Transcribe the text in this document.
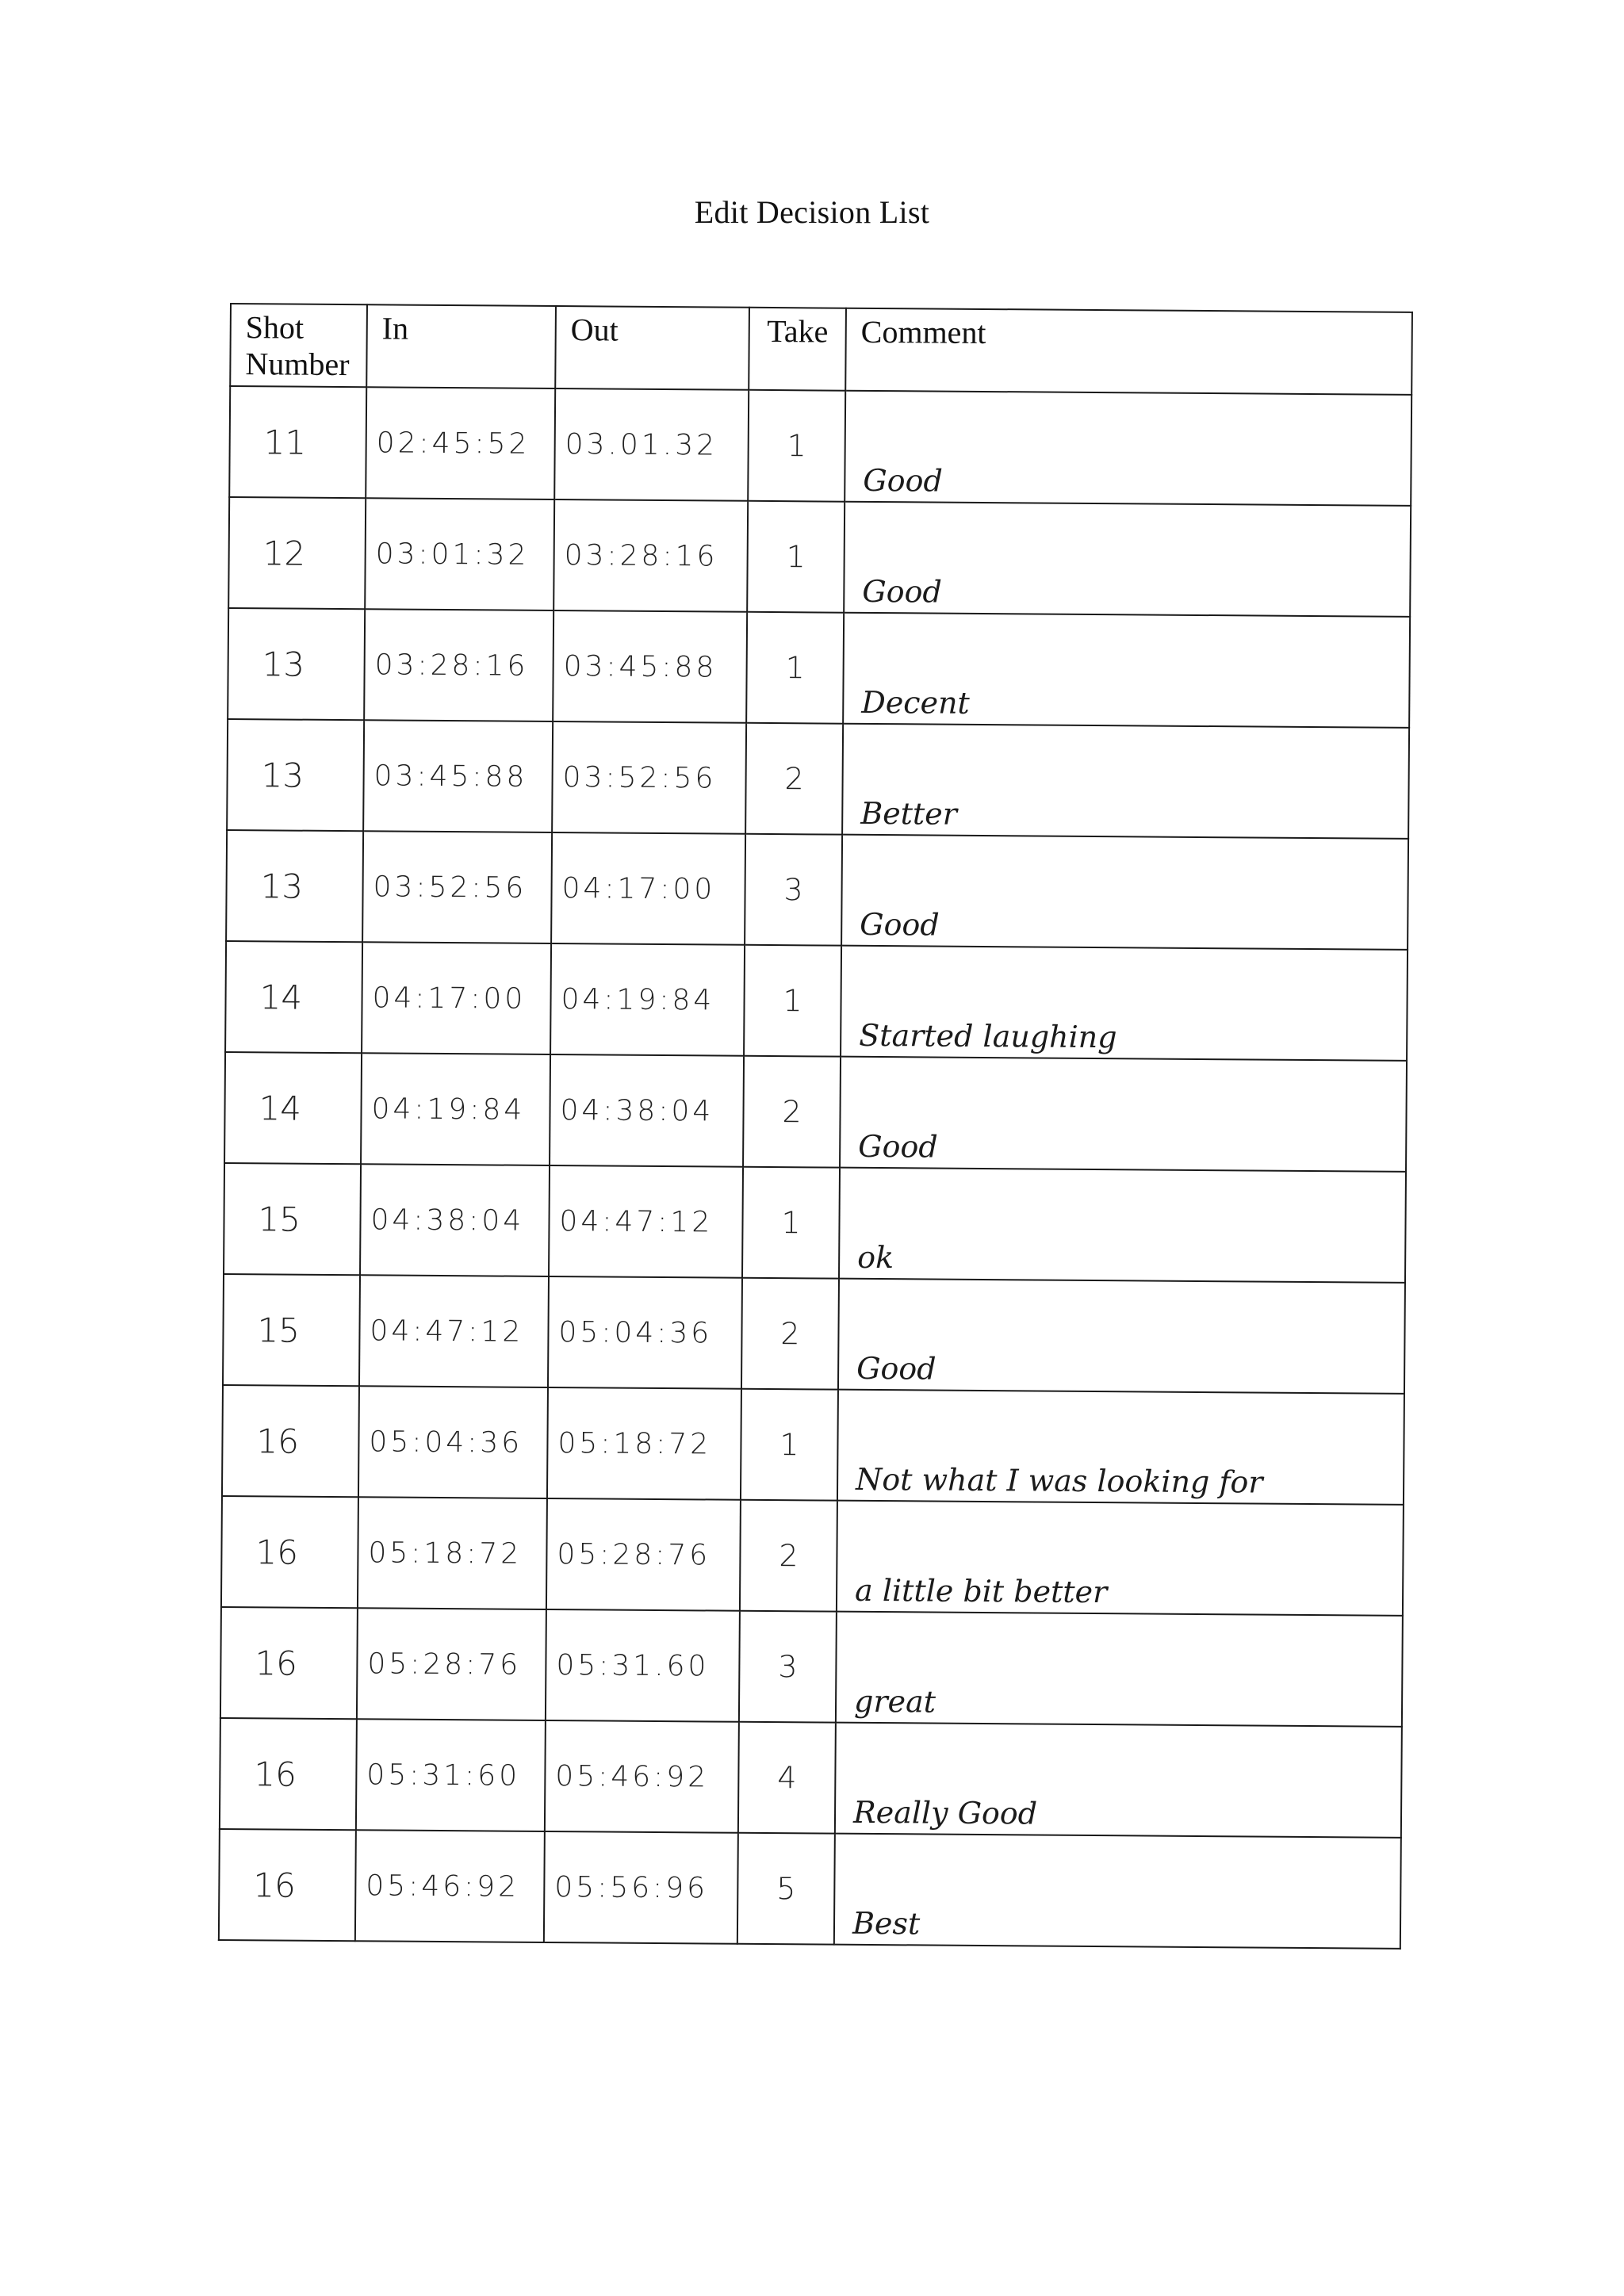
Edit Decision List
Shot Number	In	Out	Take	Comment
11	02:45:52	03.01.32	1	Good

12	03:01:32	03:28:16	1	Good

13	03:28:16	03:45:88	1	Decent

13	03:45:88	03:52:56	2	Better

13	03:52:56	04:17:00	3	Good

14	04:17:00	04:19:84	1	Started laughing

14	04:19:84	04:38:04	2	Good

15	04:38:04	04:47:12	1	ok

15	04:47:12	05:04:36	2	Good

16	05:04:36	05:18:72	1	Not what I was looking for

16	05:18:72	05:28:76	2	a little bit better

16	05:28:76	05:31.60	3	great

16	05:31:60	05:46:92	4	Really Good

16	05:46:92	05:56:96	5	Best
